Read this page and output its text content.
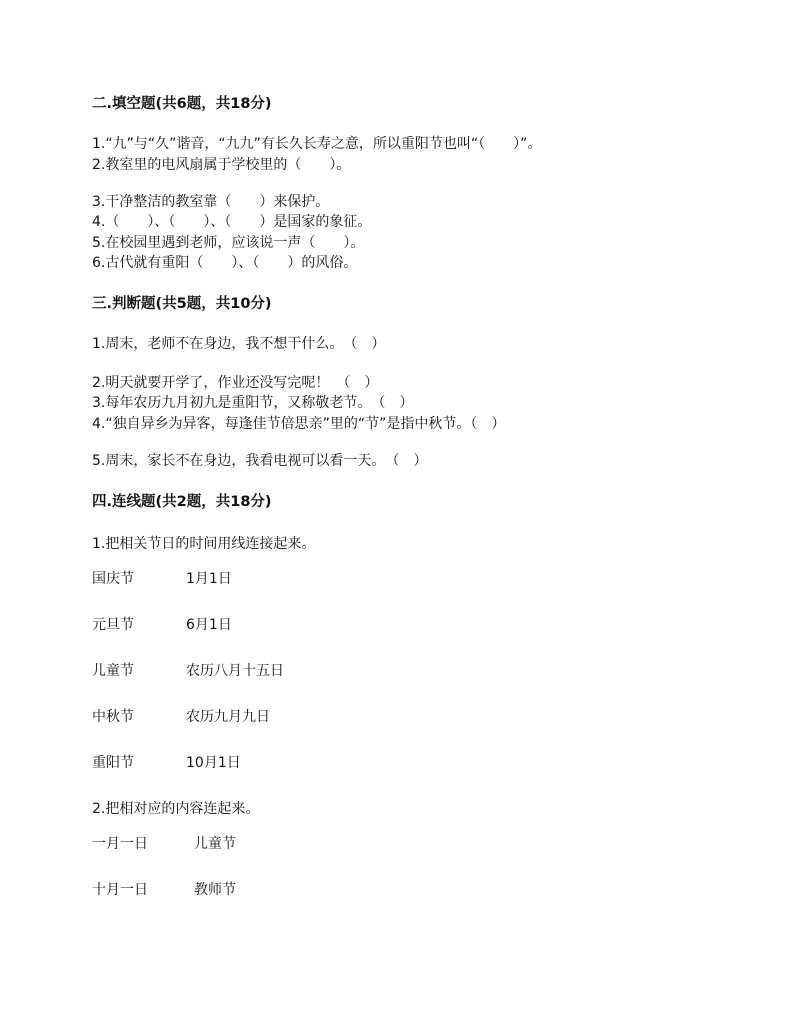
二.填空题(共6题，共18分)
1.“九”与“久”谐音，“九九”有长久长寿之意，所以重阳节也叫“（　　）”。
2.教室里的电风扇属于学校里的（　　）。
3.干净整洁的教室靠（　　）来保护。
4.（　　）、（　　）、（　　）是国家的象征。
5.在校园里遇到老师，应该说一声（　　）。
6.古代就有重阳（　　）、（　　）的风俗。
三.判断题(共5题，共10分)
1.周末，老师不在身边，我不想干什么。　（　）
2.明天就要开学了，作业还没写完呢！　（　）
3.每年农历九月初九是重阳节，又称敬老节。　（　）
4.“独自异乡为异客，每逢佳节倍思亲”里的“节”是指中秋节。（　）
5.周末，家长不在身边，我看电视可以看一天。　（　）
四.连线题(共2题，共18分)
1.把相关节日的时间用线连接起来。
国庆节	1月1日
元旦节	6月1日
儿童节	农历八月十五日
中秋节	农历九月九日
重阳节	10月1日
2.把相对应的内容连起来。
一月一日	儿童节
十月一日	教师节
